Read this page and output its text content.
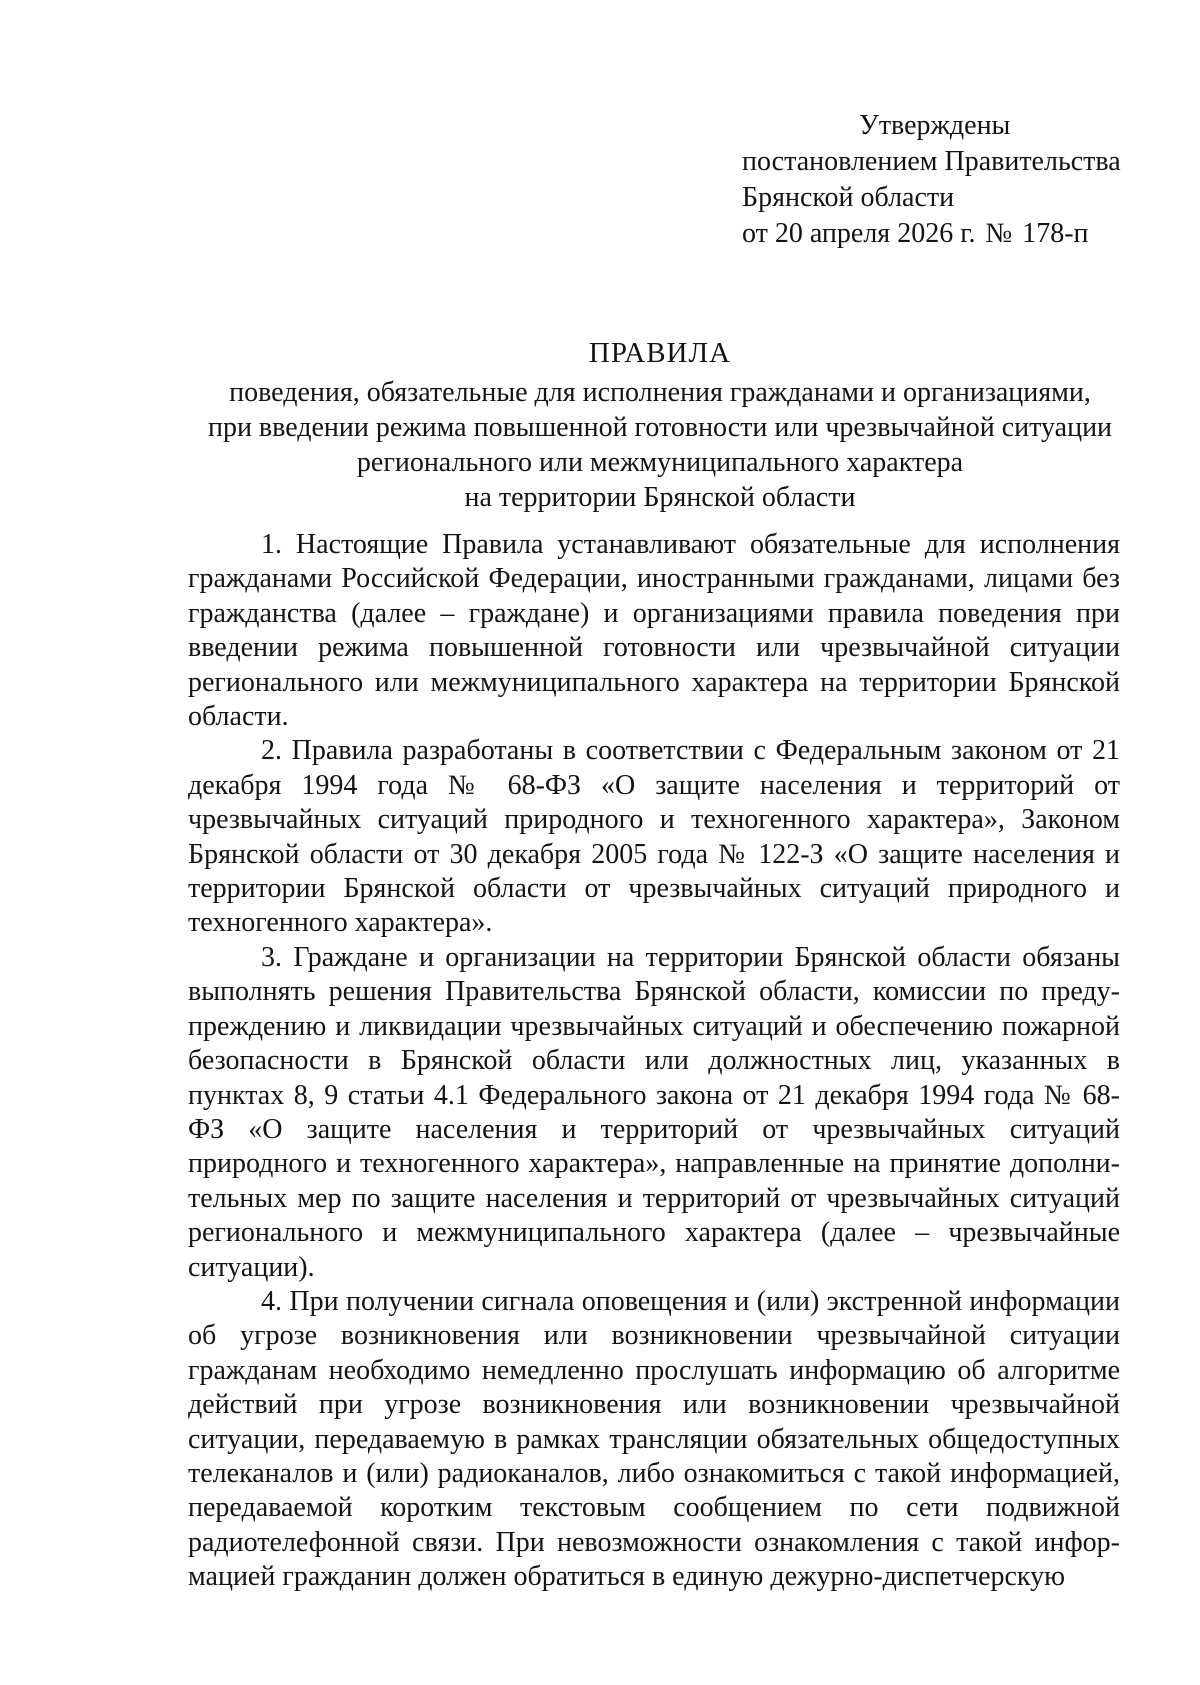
Утверждены
постановлением Правительства
Брянской области
от 20 апреля 2026 г. № 178-п
ПРАВИЛА
поведения, обязательные для исполнения гражданами и организациями,
при введении режима повышенной готовности или чрезвычайной ситуации
регионального или межмуниципального характера
на территории Брянской области

1. Настоящие Правила устанавливают обязательные для исполнения гражданами Российской Федерации, иностранными гражданами, лицами без гражданства (далее – граждане) и организациями правила поведения при введении режима повышенной готовности или чрезвычайной ситуации регионального или межмуниципального характера на территории Брянской области.

2. Правила разработаны в соответствии с Федеральным законом от 21 декабря 1994 года № 68-ФЗ «О защите населения и территорий от чрезвычайных ситуаций природного и техногенного характера», Законом Брянской области от 30 декабря 2005 года № 122-З «О защите населения и территории Брянской области от чрезвычайных ситуаций природного и техногенного характера».

3. Граждане и организации на территории Брянской области обязаны выполнять решения Правительства Брянской области, комиссии по предупреждению и ликвидации чрезвычайных ситуаций и обеспечению пожарной безопасности в Брянской области или должностных лиц, указанных в пунктах 8, 9 статьи 4.1 Федерального закона от 21 декабря 1994 года № 68-ФЗ «О защите населения и территорий от чрезвычайных ситуаций природного и техногенного характера», направленные на принятие дополнительных мер по защите населения и территорий от чрезвычайных ситуаций регионального и межмуниципального характера (далее – чрезвычайные ситуации).

4. При получении сигнала оповещения и (или) экстренной информации об угрозе возникновения или возникновении чрезвычайной ситуации гражданам необходимо немедленно прослушать информацию об алгоритме действий при угрозе возникновения или возникновении чрезвычайной ситуации, передаваемую в рамках трансляции обязательных общедоступных телеканалов и (или) радиоканалов, либо ознакомиться с такой информацией, передаваемой коротким текстовым сообщением по сети подвижной радиотелефонной связи. При невозможности ознакомления с такой информацией гражданин должен обратиться в единую дежурно-диспетчерскую
